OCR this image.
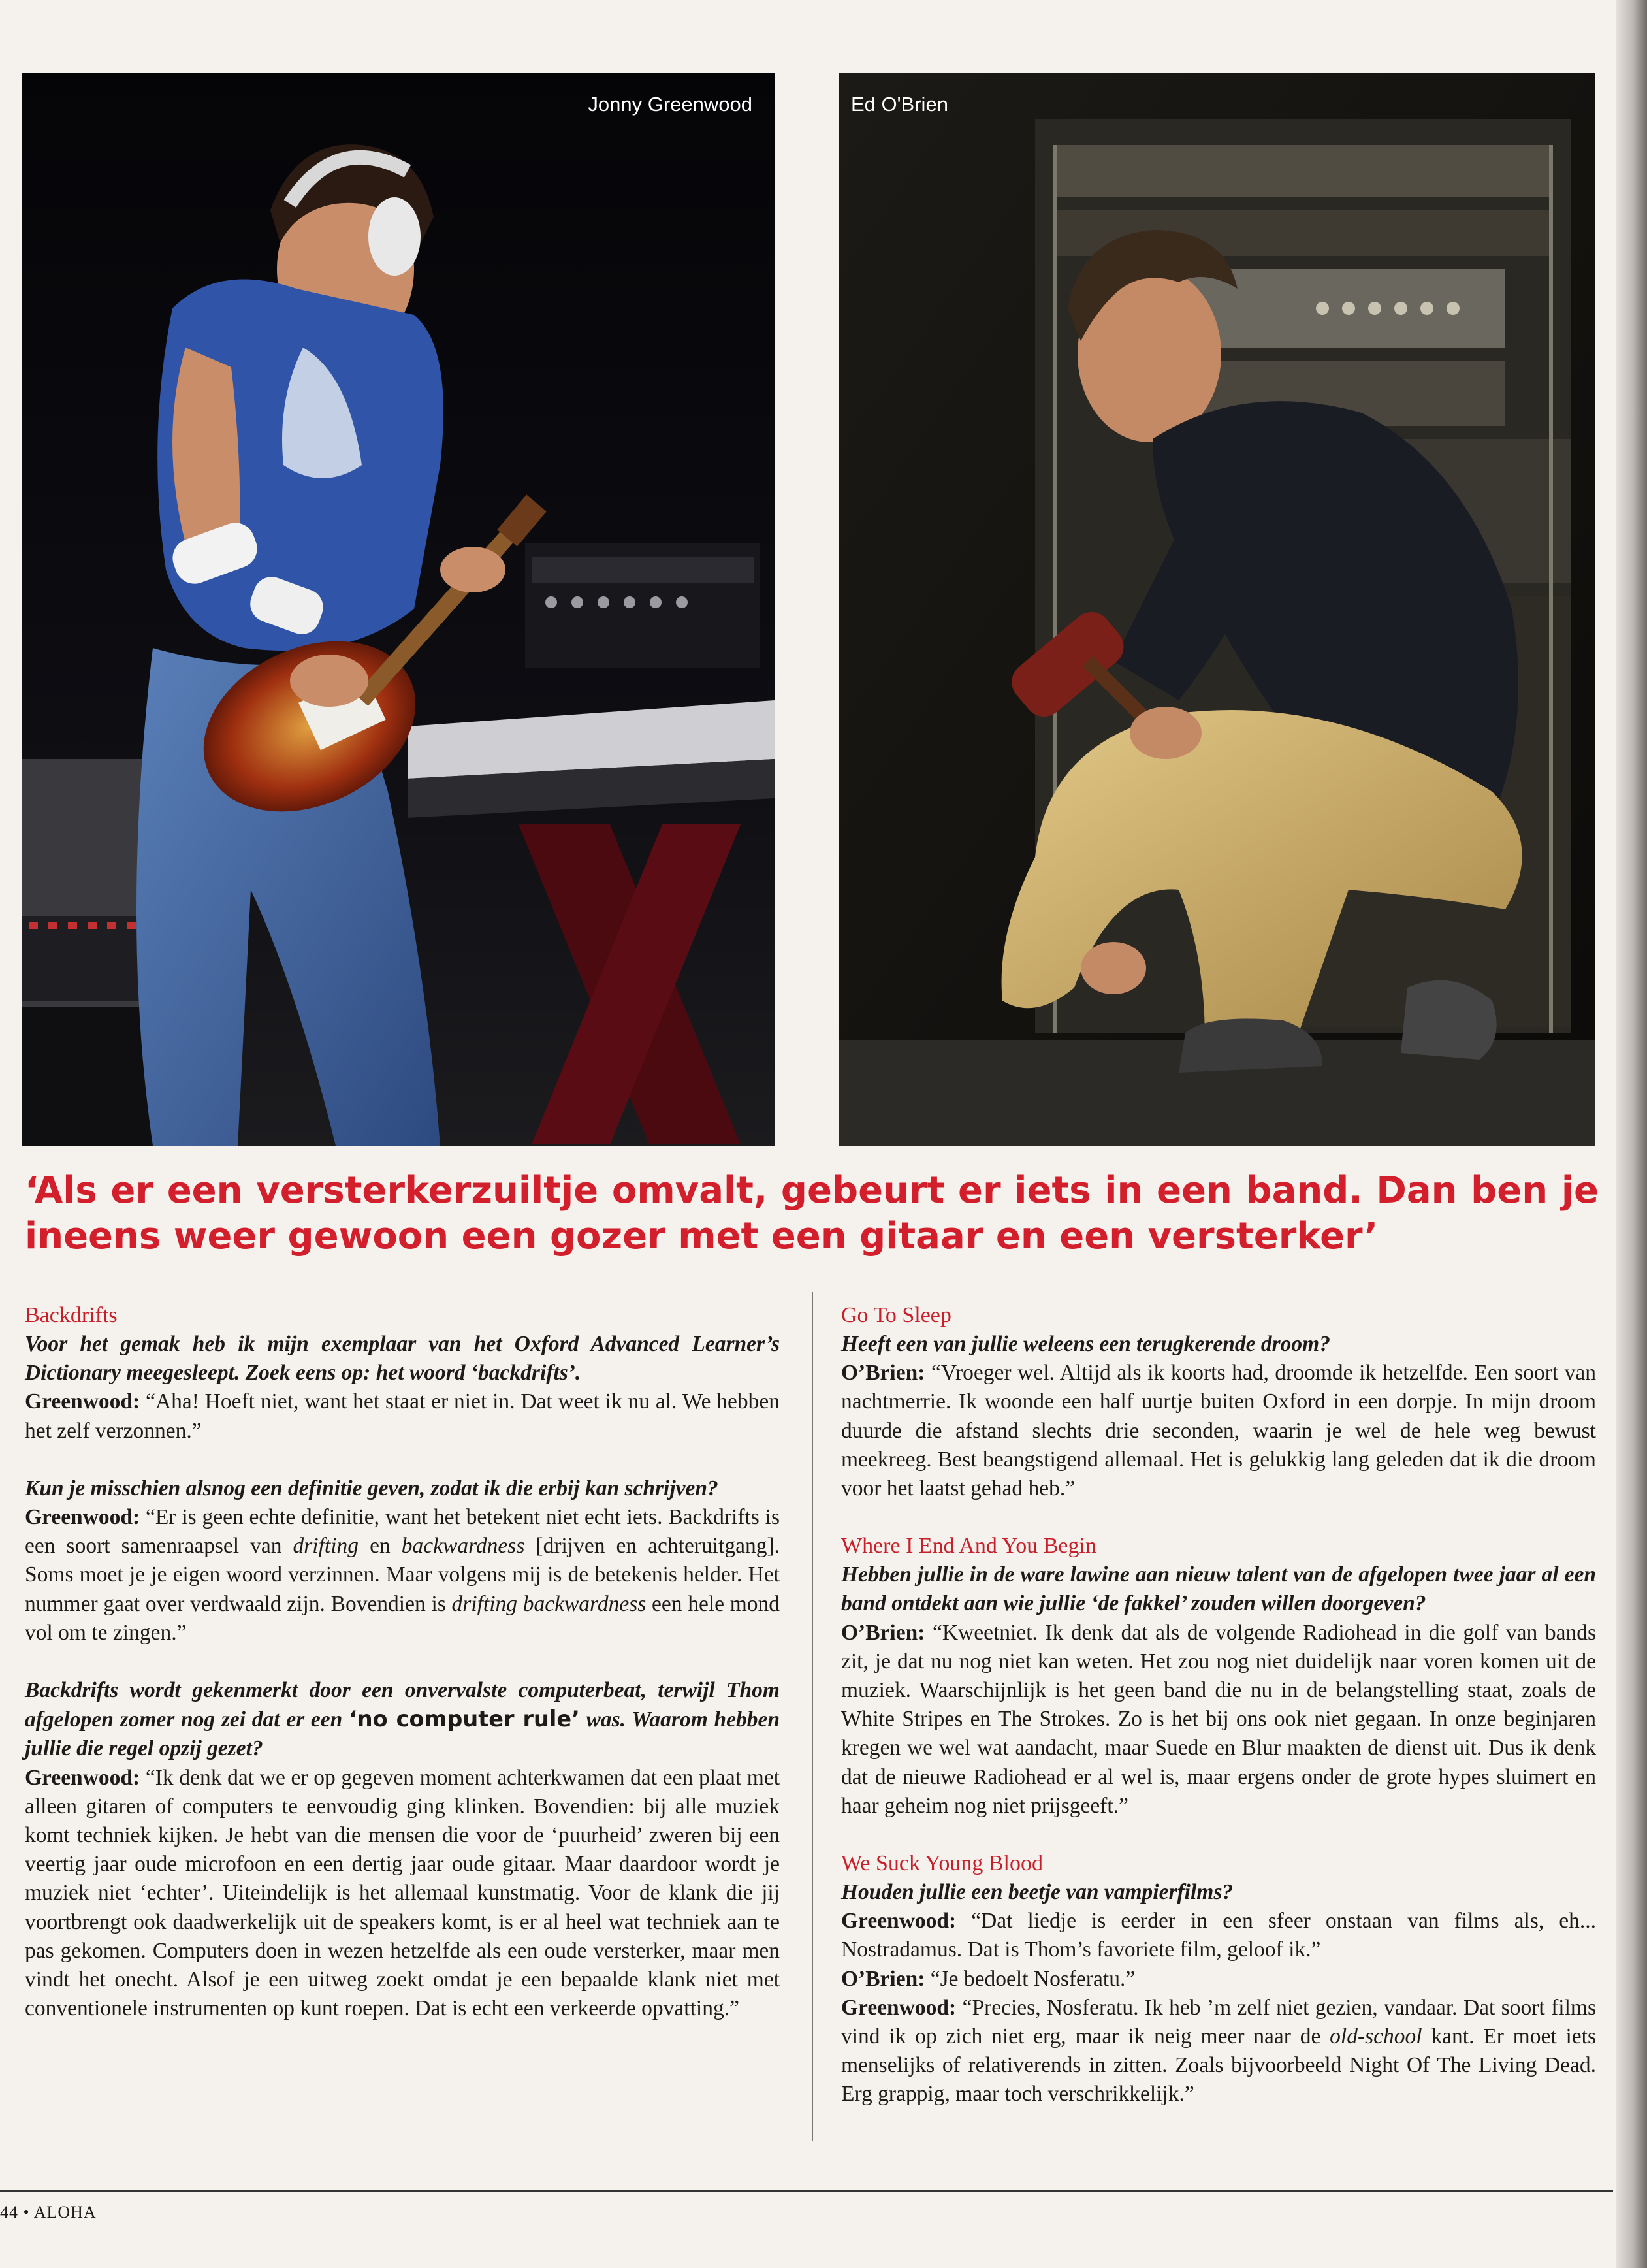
Jonny Greenwood	Ed O'Brien

‘Als er een versterkerzuiltje omvalt, gebeurt er iets in een band. Dan ben je ineens weer gewoon een gozer met een gitaar en een versterker’

Backdrifts

Voor het gemak heb ik mijn exemplaar van het Oxford Advanced Learner’s Dictionary meegesleept. Zoek eens op: het woord ‘backdrifts’.

Greenwood: “Aha! Hoeft niet, want het staat er niet in. Dat weet ik nu al. We hebben het zelf verzonnen.”

Kun je misschien alsnog een definitie geven, zodat ik die erbij kan schrijven?

Greenwood: “Er is geen echte definitie, want het betekent niet echt iets. Backdrifts is een soort samenraapsel van drifting en backwardness [drijven en achteruitgang]. Soms moet je je eigen woord verzinnen. Maar volgens mij is de betekenis helder. Het nummer gaat over verdwaald zijn. Bovendien is drifting backwardness een hele mond vol om te zingen.”

Backdrifts wordt gekenmerkt door een onvervalste computerbeat, terwijl Thom afgelopen zomer nog zei dat er een ‘no computer rule’ was. Waarom hebben jullie die regel opzij gezet?

Greenwood: “Ik denk dat we er op gegeven moment achterkwamen dat een plaat met alleen gitaren of computers te eenvoudig ging klinken. Bovendien: bij alle muziek komt techniek kijken. Je hebt van die mensen die voor de ‘puurheid’ zweren bij een veertig jaar oude microfoon en een dertig jaar oude gitaar. Maar daardoor wordt je muziek niet ‘echter’. Uiteindelijk is het allemaal kunstmatig. Voor de klank die jij voortbrengt ook daadwerkelijk uit de speakers komt, is er al heel wat techniek aan te pas gekomen. Computers doen in wezen hetzelfde als een oude versterker, maar men vindt het onecht. Alsof je een uitweg zoekt omdat je een bepaalde klank niet met conventionele instrumenten op kunt roepen. Dat is echt een verkeerde opvatting.”

Go To Sleep

Heeft een van jullie weleens een terugkerende droom?

O’Brien: “Vroeger wel. Altijd als ik koorts had, droomde ik hetzelfde. Een soort van nachtmerrie. Ik woonde een half uurtje buiten Oxford in een dorpje. In mijn droom duurde die afstand slechts drie seconden, waarin je wel de hele weg bewust meekreeg. Best beangstigend allemaal. Het is gelukkig lang geleden dat ik die droom voor het laatst gehad heb.”

Where I End And You Begin

Hebben jullie in de ware lawine aan nieuw talent van de afgelopen twee jaar al een band ontdekt aan wie jullie ‘de fakkel’ zouden willen doorgeven?

O’Brien: “Kweetniet. Ik denk dat als de volgende Radiohead in die golf van bands zit, je dat nu nog niet kan weten. Het zou nog niet duidelijk naar voren komen uit de muziek. Waarschijnlijk is het geen band die nu in de belangstelling staat, zoals de White Stripes en The Strokes. Zo is het bij ons ook niet gegaan. In onze beginjaren kregen we wel wat aandacht, maar Suede en Blur maakten de dienst uit. Dus ik denk dat de nieuwe Radiohead er al wel is, maar ergens onder de grote hypes sluimert en haar geheim nog niet prijsgeeft.”

We Suck Young Blood

Houden jullie een beetje van vampierfilms?

Greenwood: “Dat liedje is eerder in een sfeer onstaan van films als, eh... Nostradamus. Dat is Thom’s favoriete film, geloof ik.”

O’Brien: “Je bedoelt Nosferatu.”

Greenwood: “Precies, Nosferatu. Ik heb ’m zelf niet gezien, vandaar. Dat soort films vind ik op zich niet erg, maar ik neig meer naar de old-school kant. Er moet iets menselijks of relativerends in zitten. Zoals bijvoorbeeld Night Of The Living Dead. Erg grappig, maar toch verschrikkelijk.”

44 • ALOHA
